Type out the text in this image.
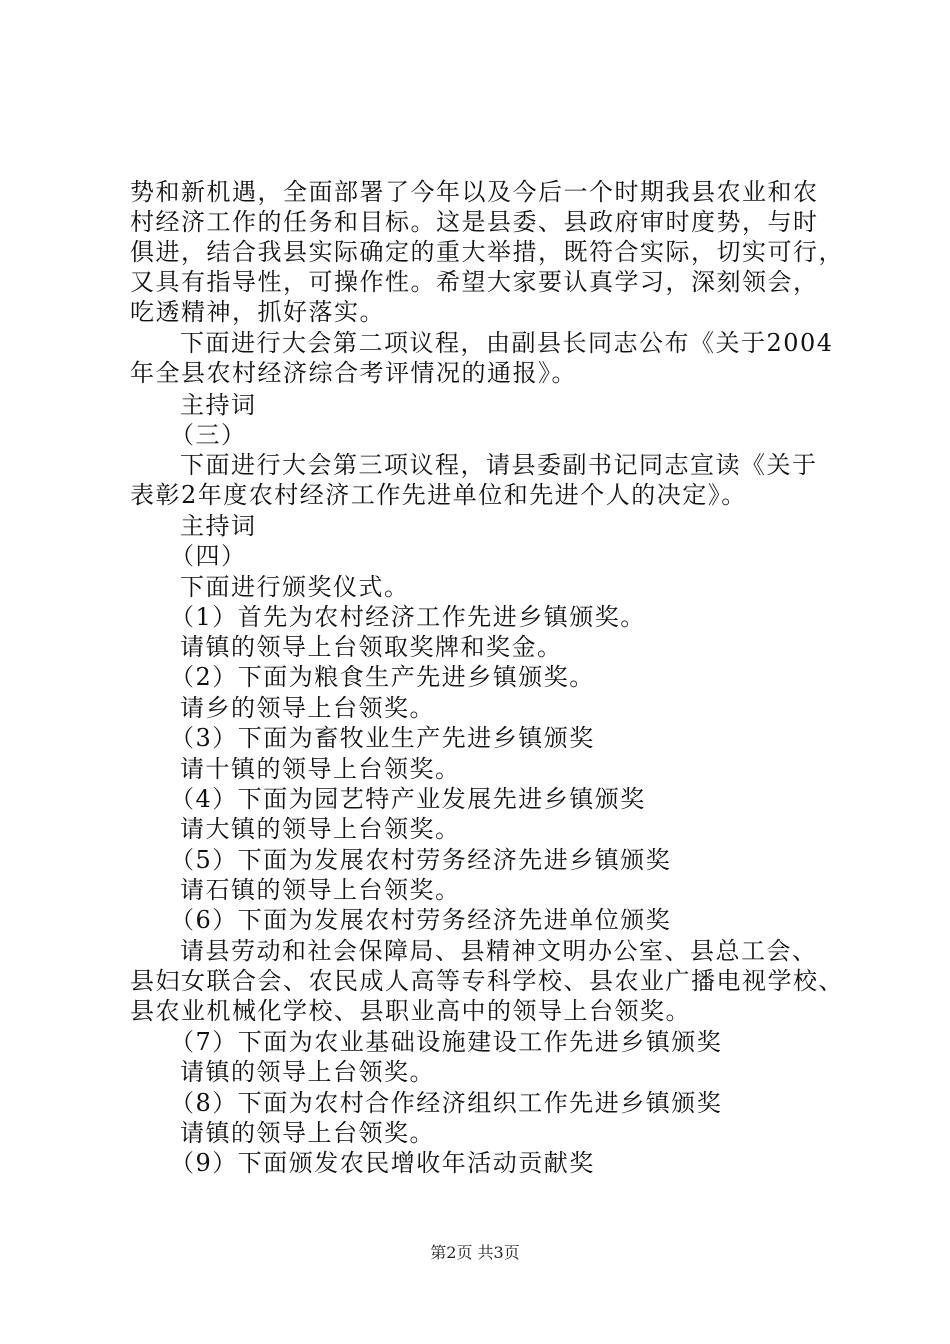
势和新机遇，全面部署了今年以及今后一个时期我县农业和农
村经济工作的任务和目标。这是县委、县政府审时度势，与时
俱进，结合我县实际确定的重大举措，既符合实际，切实可行，
又具有指导性，可操作性。希望大家要认真学习，深刻领会，
吃透精神，抓好落实。
下面进行大会第二项议程，由副县长同志公布《关于2004
年全县农村经济综合考评情况的通报》。
主持词
（三）
下面进行大会第三项议程，请县委副书记同志宣读《关于
表彰2年度农村经济工作先进单位和先进个人的决定》。
主持词
（四）
下面进行颁奖仪式。
（1）首先为农村经济工作先进乡镇颁奖。
请镇的领导上台领取奖牌和奖金。
（2）下面为粮食生产先进乡镇颁奖。
请乡的领导上台领奖。
（3）下面为畜牧业生产先进乡镇颁奖
请十镇的领导上台领奖。
（4）下面为园艺特产业发展先进乡镇颁奖
请大镇的领导上台领奖。
（5）下面为发展农村劳务经济先进乡镇颁奖
请石镇的领导上台领奖。
（6）下面为发展农村劳务经济先进单位颁奖
请县劳动和社会保障局、县精神文明办公室、县总工会、
县妇女联合会、农民成人高等专科学校、县农业广播电视学校、
县农业机械化学校、县职业高中的领导上台领奖。
（7）下面为农业基础设施建设工作先进乡镇颁奖
请镇的领导上台领奖。
（8）下面为农村合作经济组织工作先进乡镇颁奖
请镇的领导上台领奖。
（9）下面颁发农民增收年活动贡献奖
第2页 共3页
